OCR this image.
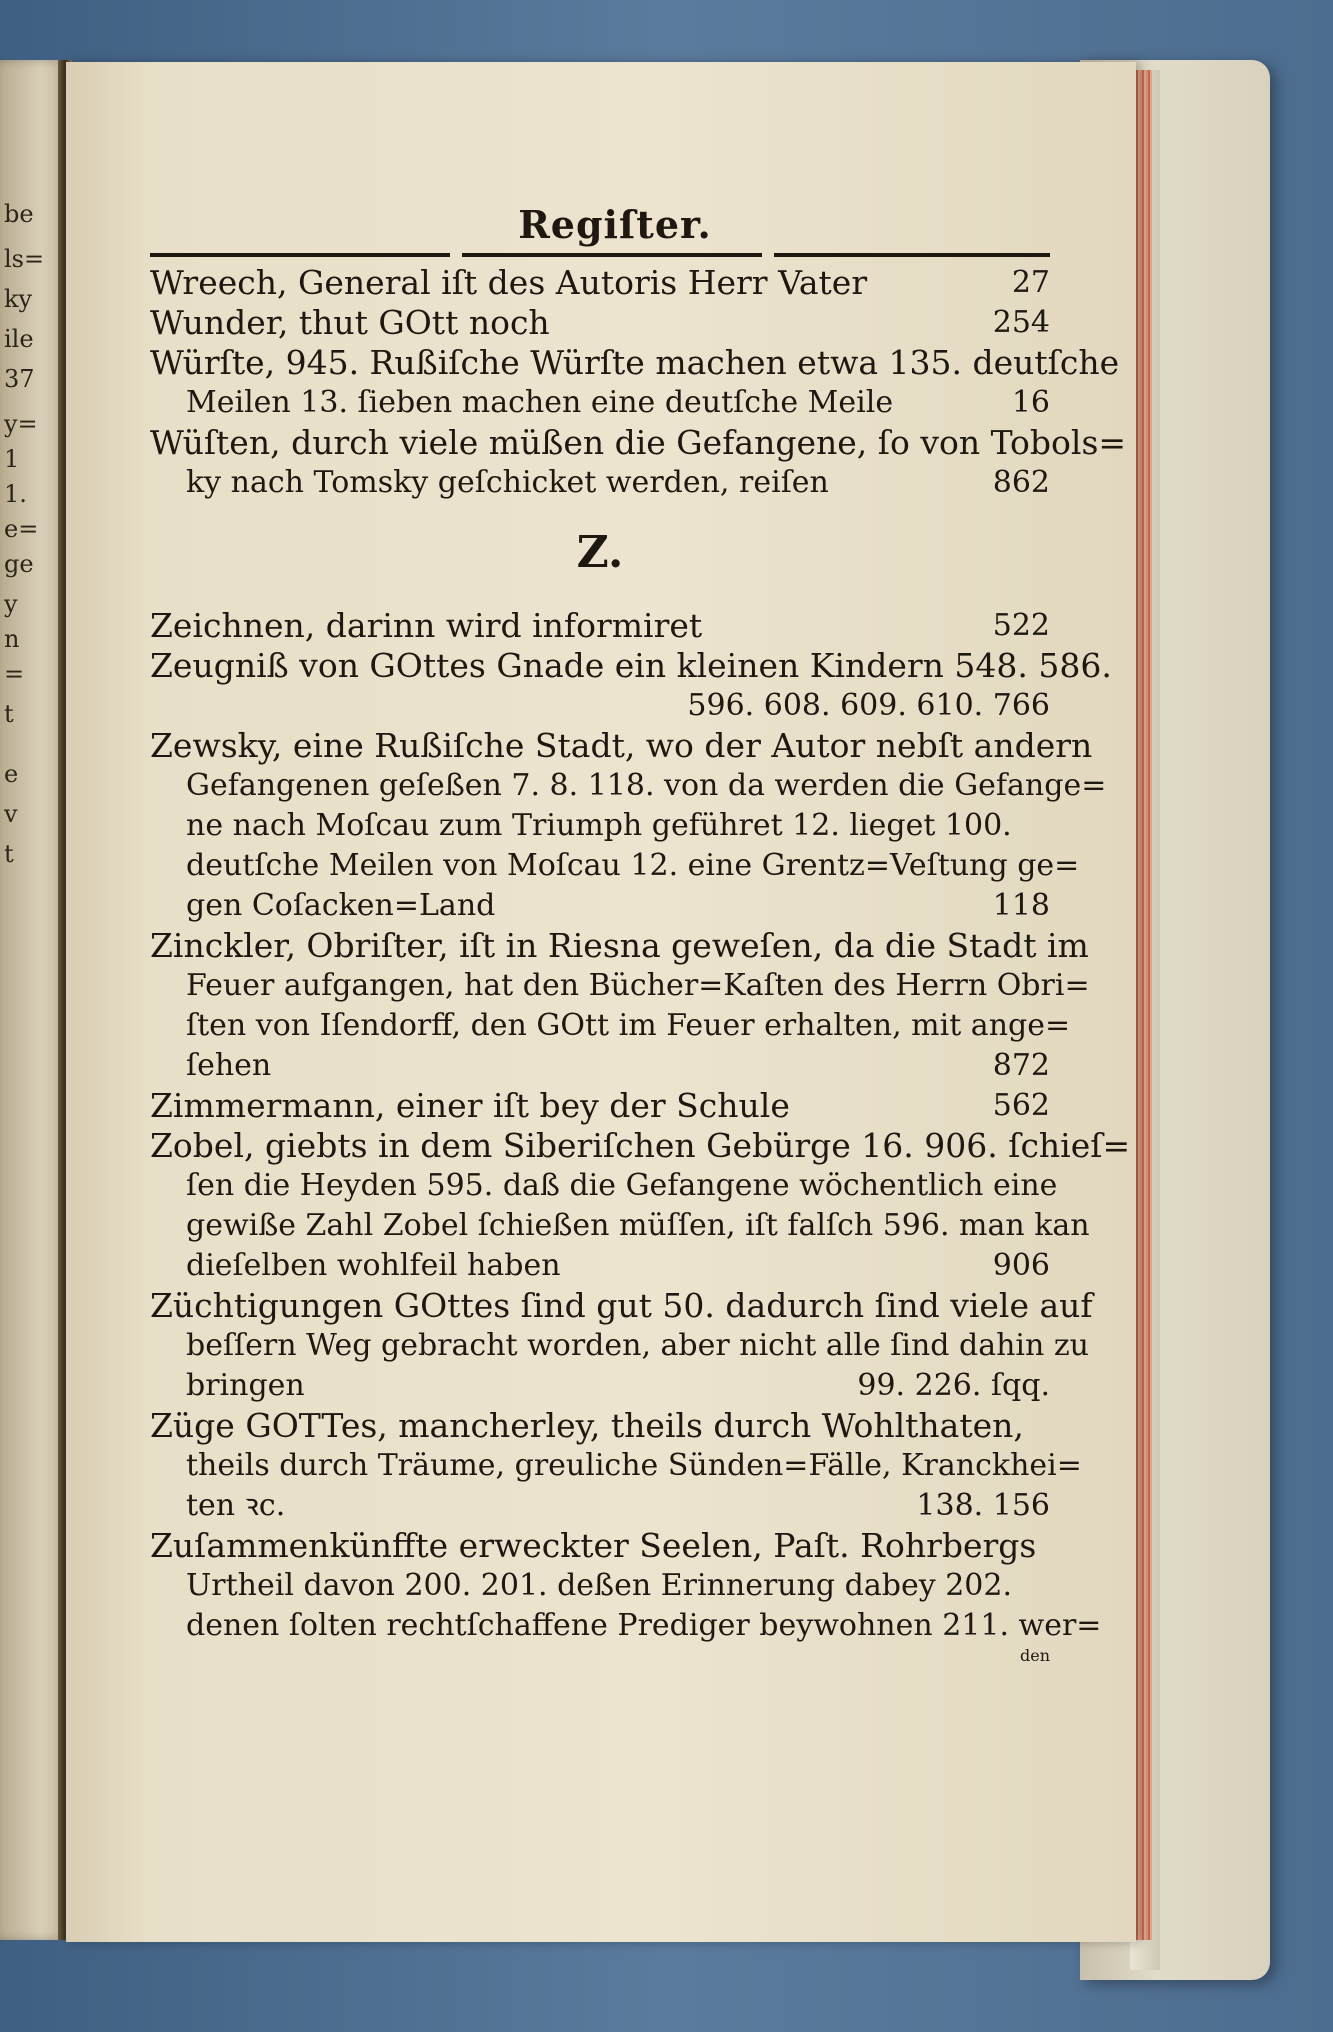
be
ls=
ky
ile
37
y=
1
1.
e=
ge
y
n
=
t
e
v
t
Regiſter.
Wreech, General iſt des Autoris Herr Vater	27
Wunder, thut GOtt noch	254
Würſte, 945. Rußiſche Würſte machen etwa 135. deutſche
Meilen 13. ſieben machen eine deutſche Meile	16
Wüſten, durch viele müßen die Gefangene, ſo von Tobols=
ky nach Tomsky geſchicket werden, reiſen	862
Z.
Zeichnen, darinn wird informiret	522
Zeugniß von GOttes Gnade ein kleinen Kindern 548. 586.
596. 608. 609. 610. 766
Zewsky, eine Rußiſche Stadt, wo der Autor nebſt andern
Gefangenen geſeßen 7. 8. 118. von da werden die Gefange=
ne nach Moſcau zum Triumph geführet 12. lieget 100.
deutſche Meilen von Moſcau 12. eine Grentz=Veſtung ge=
gen Coſacken=Land	118
Zinckler, Obriſter, iſt in Riesna geweſen, da die Stadt im
Feuer aufgangen, hat den Bücher=Kaſten des Herrn Obri=
ſten von Iſendorff, den GOtt im Feuer erhalten, mit ange=
ſehen	872
Zimmermann, einer iſt bey der Schule	562
Zobel, giebts in dem Siberiſchen Gebürge 16. 906. ſchieſ=
ſen die Heyden 595. daß die Gefangene wöchentlich eine
gewiße Zahl Zobel ſchießen müſſen, iſt falſch 596. man kan
dieſelben wohlfeil haben	906
Züchtigungen GOttes ſind gut 50. dadurch ſind viele auf
beſſern Weg gebracht worden, aber nicht alle ſind dahin zu
bringen	99. 226. ſqq.
Züge GOTTes, mancherley, theils durch Wohlthaten,
theils durch Träume, greuliche Sünden=Fälle, Kranckhei=
ten ꝛc.	138. 156
Zuſammenkünffte erweckter Seelen, Paſt. Rohrbergs
Urtheil davon 200. 201. deßen Erinnerung dabey 202.
denen ſolten rechtſchaffene Prediger beywohnen 211. wer=
den
